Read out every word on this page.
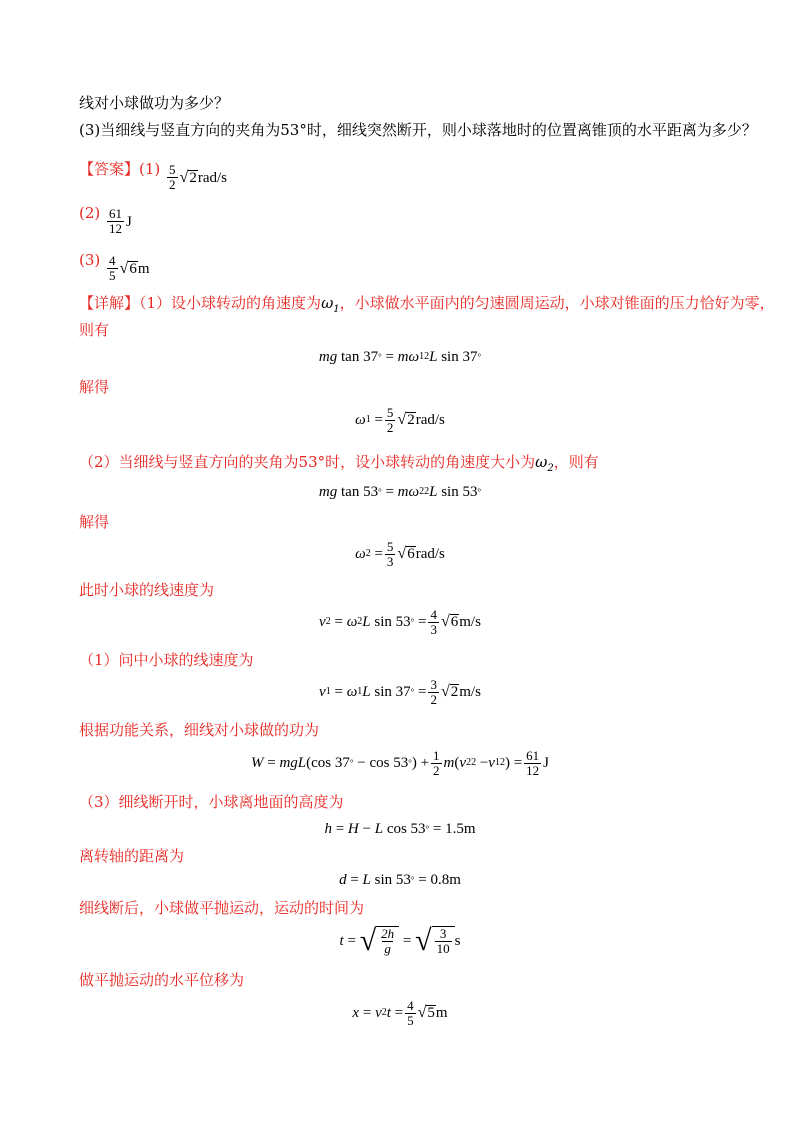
线对小球做功为多少？
(3)当细线与竖直方向的夹角为53°时，细线突然断开，则小球落地时的位置离锥顶的水平距离为多少？
【答案】$(1) \frac{5}{2}$ √ 2 rad/s
$(2) \frac{61}{12}$ J
$(3) \frac{4}{5}$ √ 6 m
【详解】（1）设小球转动的角速度为$\omega_1$，小球做水平面内的匀速圆周运动，小球对锥面的压力恰好为零，
则有
mg tan 37 ° = mω 1 2 L sin 37 °
解得
ω $1 = \frac{5}{2}$ √ 2 rad/s
（2）当细线与竖直方向的夹角为53°时，设小球转动的角速度大小为$\omega_2$，则有
mg tan 53 ° = mω 2 2 L sin 53 °
解得
ω $2 = \frac{5}{3}$ √ 6 rad/s
此时小球的线速度为
v 2 = ω 2 L sin 53 ° = $\frac{4}{3}$ √ 6 m/s
（1）问中小球的线速度为
v 1 = ω 1 L sin 37 ° = $\frac{3}{2}$ √ 2 m/s
根据功能关系，细线对小球做的功为
W = mgL (cos 37 ° − cos 53 ° ) + $\frac{1}{2}$ m ( v 2 2 − v 1 2 ) = $\frac{61}{12}$ J
（3）细线断开时，小球离地面的高度为
h = H − L cos 53 ° = 1.5m
离转轴的距离为
d = L sin 53 ° = 0.8m
细线断后，小球做平抛运动，运动的时间为
t = √ $\frac{2h}{g}$ = √ $\frac{3}{10}$ s
做平抛运动的水平位移为
x = v 2 $t = \frac{4}{5}$ √ 5 m
